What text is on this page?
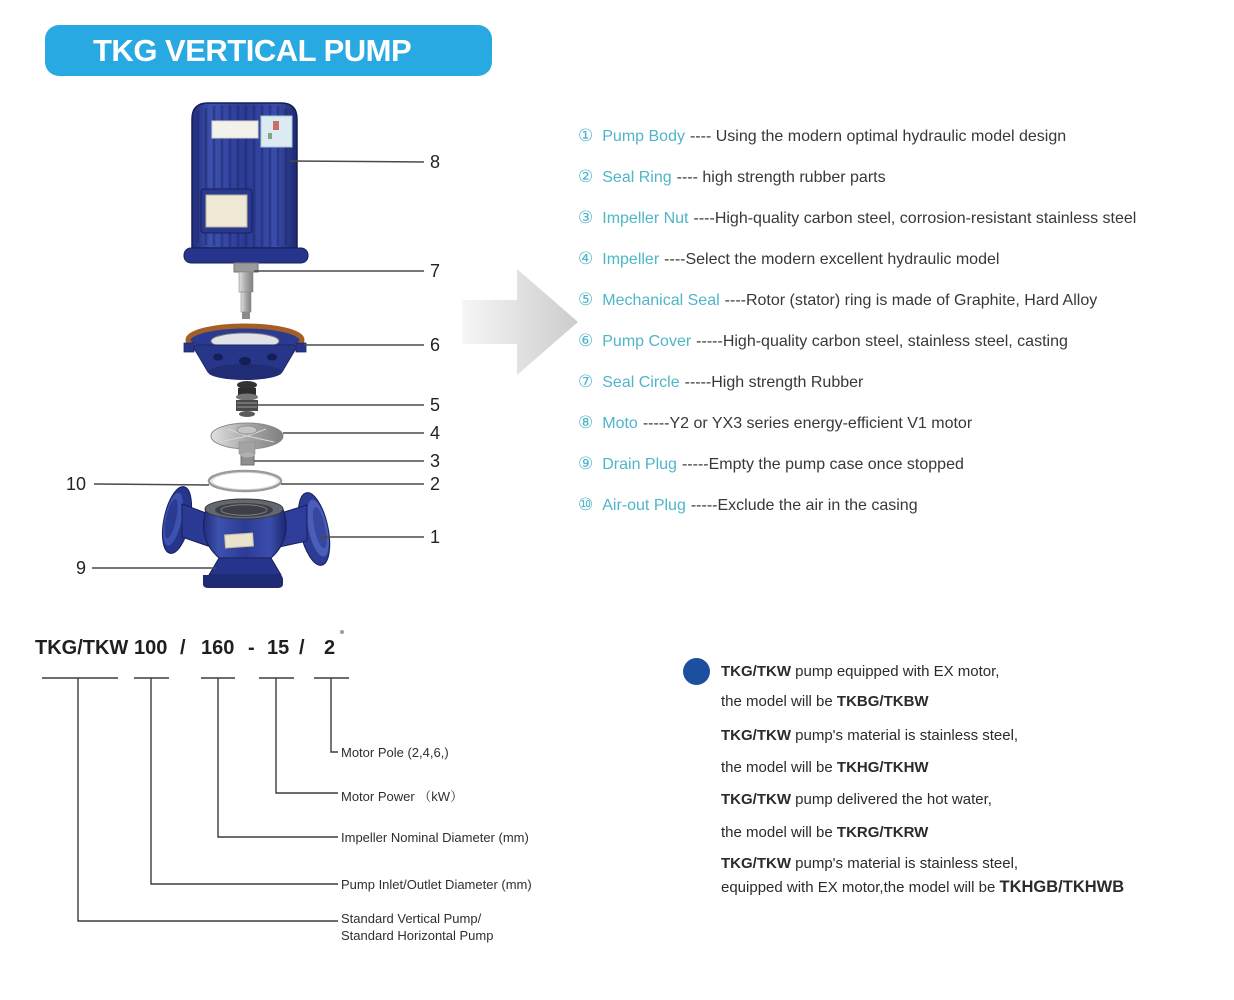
TKG VERTICAL PUMP
8
7
6
5
4
3
2
1
10
9
① Pump Body ---- Using the modern optimal hydraulic model design
② Seal Ring ---- high strength rubber parts
③ Impeller Nut ----High-quality carbon steel, corrosion-resistant stainless steel
④ Impeller ----Select the modern excellent hydraulic model
⑤ Mechanical Seal ----Rotor (stator) ring is made of Graphite, Hard Alloy
⑥ Pump Cover -----High-quality carbon steel, stainless steel, casting
⑦ Seal Circle -----High strength Rubber
⑧ Moto -----Y2 or YX3 series energy-efficient V1 motor
⑨ Drain Plug -----Empty the pump case once stopped
⑩ Air-out Plug -----Exclude the air in the casing
TKG/TKW 100 / 160 - 15 / 2
Motor Pole (2,4,6,)
Motor Power （kW）
Impeller Nominal Diameter (mm)
Pump Inlet/Outlet Diameter (mm)
Standard Vertical Pump/
Standard Horizontal Pump
TKG/TKW pump equipped with EX motor,
the model will be TKBG/TKBW
TKG/TKW pump's material is stainless steel,
the model will be TKHG/TKHW
TKG/TKW pump delivered the hot water,
the model will be TKRG/TKRW
TKG/TKW pump's material is stainless steel,
equipped with EX motor,the model will be TKHGB/TKHWB
